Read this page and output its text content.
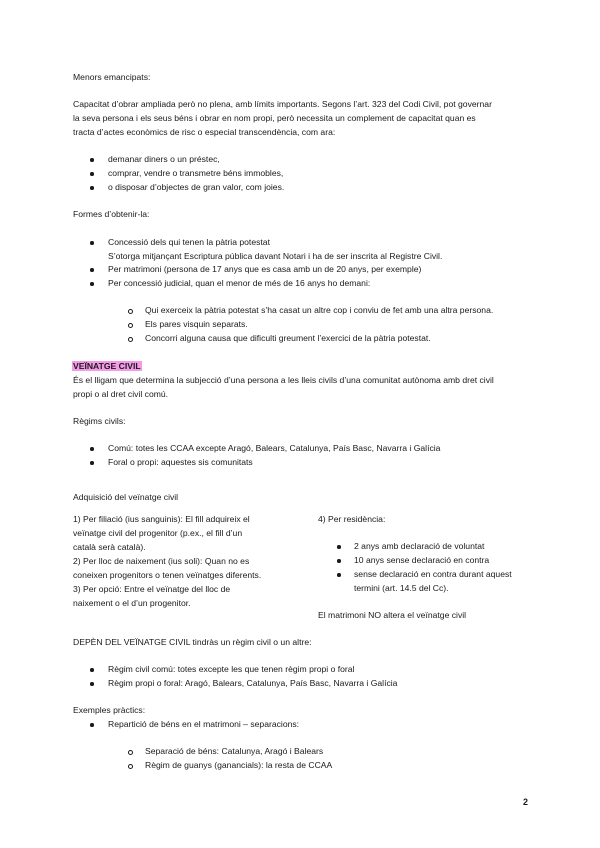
Menors emancipats:
Capacitat d’obrar ampliada però no plena, amb límits importants. Segons l’art. 323 del Codi Civil, pot governar
la seva persona i els seus béns i obrar en nom propi, però necessita un complement de capacitat quan es
tracta d’actes econòmics de risc o especial transcendència, com ara:
demanar diners o un préstec,
comprar, vendre o transmetre béns immobles,
o disposar d’objectes de gran valor, com joies.
Formes d’obtenir-la:
Concessió dels qui tenen la pàtria potestat
S’otorga mitjançant Escriptura pública davant Notari i ha de ser inscrita al Registre Civil.
Per matrimoni (persona de 17 anys que es casa amb un de 20 anys, per exemple)
Per concessió judicial, quan el menor de més de 16 anys ho demani:
Qui exerceix la pàtria potestat s’ha casat un altre cop i conviu de fet amb una altra persona.
Els pares visquin separats.
Concorri alguna causa que dificulti greument l’exercici de la pàtria potestat.
VEÏNATGE CIVIL
És el lligam que determina la subjecció d’una persona a les lleis civils d’una comunitat autònoma amb dret civil
propi o al dret civil comú.
Règims civils:
Comú: totes les CCAA excepte Aragó, Balears, Catalunya, País Basc, Navarra i Galícia
Foral o propi: aquestes sis comunitats
Adquisició del veïnatge civil
1) Per filiació (ius sanguinis): El fill adquireix el
veïnatge civil del progenitor (p.ex., el fill d’un
català serà català).
2) Per lloc de naixement (ius soli): Quan no es
coneixen progenitors o tenen veïnatges diferents.
3) Per opció: Entre el veïnatge del lloc de
naixement o el d’un progenitor.
4) Per residència:
2 anys amb declaració de voluntat
10 anys sense declaració en contra
sense declaració en contra durant aquest
termini (art. 14.5 del Cc).
El matrimoni NO altera el veïnatge civil
DEPÈN DEL VEÏNATGE CIVIL tindràs un règim civil o un altre:
Règim civil comú: totes excepte les que tenen règim propi o foral
Règim propi o foral: Aragó, Balears, Catalunya, País Basc, Navarra i Galícia
Exemples pràctics:
Repartició de béns en el matrimoni – separacions:
Separació de béns: Catalunya, Aragó i Balears
Règim de guanys (ganancials): la resta de CCAA
2
